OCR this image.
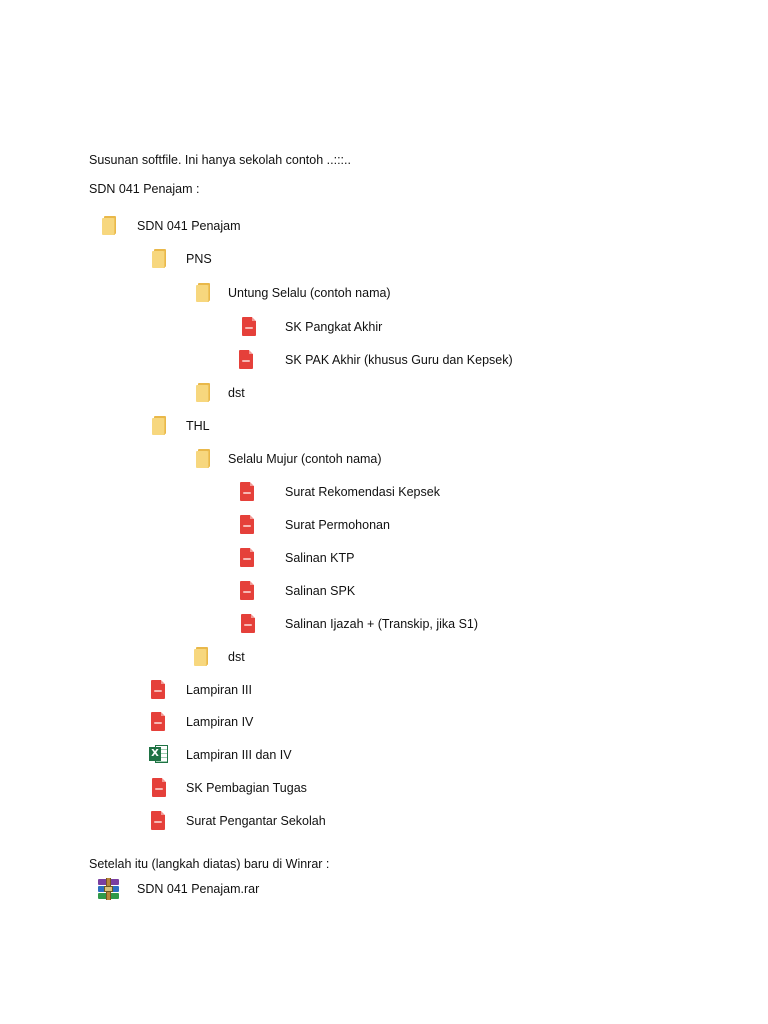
Susunan softfile. Ini hanya sekolah contoh ..:::..
SDN 041 Penajam :
SDN 041 Penajam
PNS
Untung Selalu (contoh nama)
SK Pangkat Akhir
SK PAK Akhir (khusus Guru dan Kepsek)
dst
THL
Selalu Mujur (contoh nama)
Surat Rekomendasi Kepsek
Surat Permohonan
Salinan KTP
Salinan SPK
Salinan Ijazah + (Transkip, jika S1)
dst
Lampiran III
Lampiran IV
X Lampiran III dan IV
SK Pembagian Tugas
Surat Pengantar Sekolah
Setelah itu (langkah diatas) baru di Winrar :
SDN 041 Penajam.rar
